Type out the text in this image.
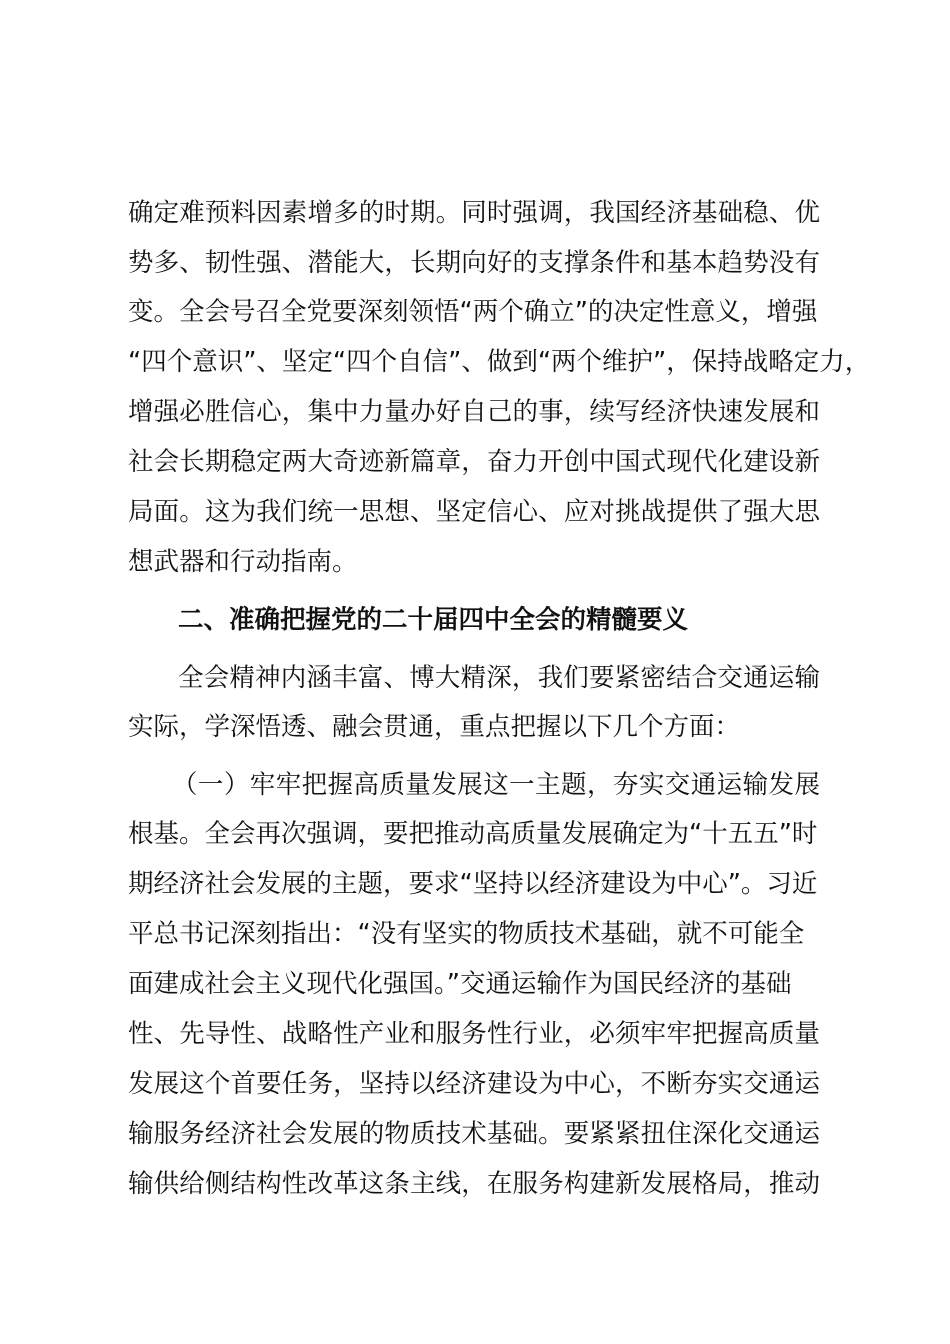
确定难预料因素增多的时期。同时强调，我国经济基础稳、优
势多、韧性强、潜能大，长期向好的支撑条件和基本趋势没有
变。全会号召全党要深刻领悟“两个确立”的决定性意义，增强
“四个意识”、坚定“四个自信”、做到“两个维护”，保持战略定力，
增强必胜信心，集中力量办好自己的事，续写经济快速发展和
社会长期稳定两大奇迹新篇章，奋力开创中国式现代化建设新
局面。这为我们统一思想、坚定信心、应对挑战提供了强大思
想武器和行动指南。
二、准确把握党的二十届四中全会的精髓要义
全会精神内涵丰富、博大精深，我们要紧密结合交通运输
实际，学深悟透、融会贯通，重点把握以下几个方面：
（一）牢牢把握高质量发展这一主题，夯实交通运输发展
根基。全会再次强调，要把推动高质量发展确定为“十五五”时
期经济社会发展的主题，要求“坚持以经济建设为中心”。习近
平总书记深刻指出：“没有坚实的物质技术基础，就不可能全
面建成社会主义现代化强国。”交通运输作为国民经济的基础
性、先导性、战略性产业和服务性行业，必须牢牢把握高质量
发展这个首要任务，坚持以经济建设为中心，不断夯实交通运
输服务经济社会发展的物质技术基础。要紧紧扭住深化交通运
输供给侧结构性改革这条主线，在服务构建新发展格局，推动
